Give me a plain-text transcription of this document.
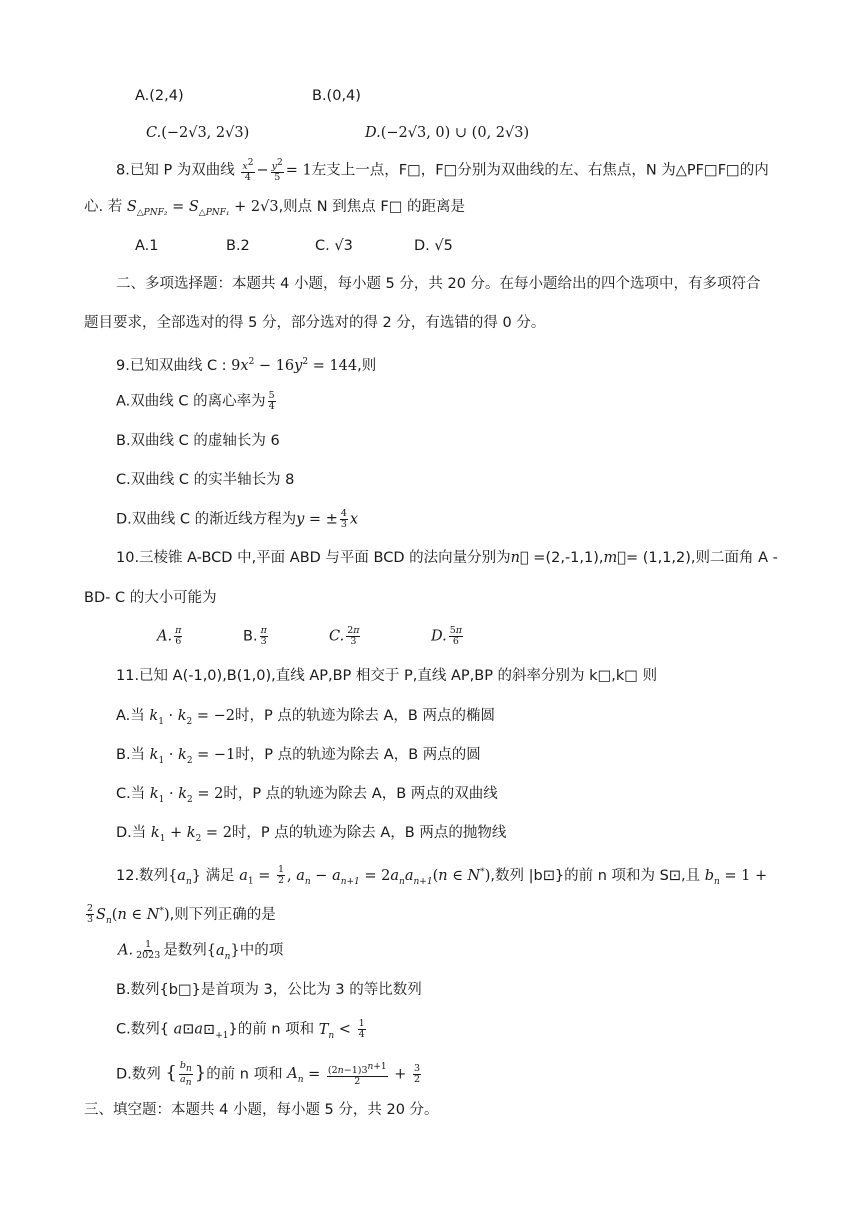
A.(2,4)	B.(0,4)
C.(−2√3, 2√3)	D.(−2√3, 0) ∪ (0, 2√3)
8.已知 P 为双曲线 $\frac{x^2}{4} - \frac{y^2}{5} = 1$左支上一点，F□，F□分别为双曲线的左、右焦点，N 为△PF□F□的内
心. 若 $S_{\triangle PNF_2} = S_{\triangle PNF_1} + 2√3$,则点 N 到焦点 F□ 的距离是
A.1	B.2	C. √3	D. √5
二、多项选择题：本题共 4 小题，每小题 5 分，共 20 分。在每小题给出的四个选项中，有多项符合
题目要求，全部选对的得 5 分，部分选对的得 2 分，有选错的得 0 分。
9.已知双曲线 C : $9x^2 - 16y^2 = 144$,则
A.双曲线 C 的离心率为 $\frac{5}{4}$
B.双曲线 C 的虚轴长为 6
C.双曲线 C 的实半轴长为 8
D.双曲线 C 的渐近线方程为y = ± $\frac{4}{3}$ x
10.三棱锥 A-BCD 中,平面 ABD 与平面 BCD 的法向量分别为n⃗ =(2,-1,1),m⃗= (1,1,2),则二面角 A -
BD- C 的大小可能为
A. $\frac{\pi}{6}$	B. $\frac{\pi}{3}$	C. $\frac{2\pi}{3}$	D. $\frac{5\pi}{6}$
11.已知 A(-1,0),B(1,0),直线 AP,BP 相交于 P,直线 AP,BP 的斜率分别为 k□,k□ 则
A.当 $k_1 \cdot k_2 = -2$时，P 点的轨迹为除去 A，B 两点的椭圆
B.当 $k_1 \cdot k_2 = -1$时，P 点的轨迹为除去 A，B 两点的圆
C.当 $k_1 \cdot k_2 = 2$时，P 点的轨迹为除去 A，B 两点的双曲线
D.当 $k_1 + k_2 = 2$时，P 点的轨迹为除去 A，B 两点的抛物线
12.数列$\{a_n\}$ 满足 $a_1 = \frac{1}{2}$ , $a_n - a_{n+1} = 2a_na_{n+1}(n$ ∈ N*),数列 |b⊡}的前 n 项和为 S⊡,且 $b_n = 1$ +
$\frac{2}{3} S_n(n$ ∈ N*),则下列正确的是
A. $\frac{1}{2023}$ 是数列$\{a_n\}$中的项
B.数列{b□}是首项为 3，公比为 3 的等比数列
C.数列{ $a⊡a⊡_{+1}$}的前 n 项和 $T_n < \frac{1}{4}$
D.数列 { $\frac{b_n}{a_n}$ }的前 n 项和 $A_n = \frac{(2n-1)3^{n+1}}{2} + \frac{3}{2}$
三、填空题：本题共 4 小题，每小题 5 分，共 20 分。
